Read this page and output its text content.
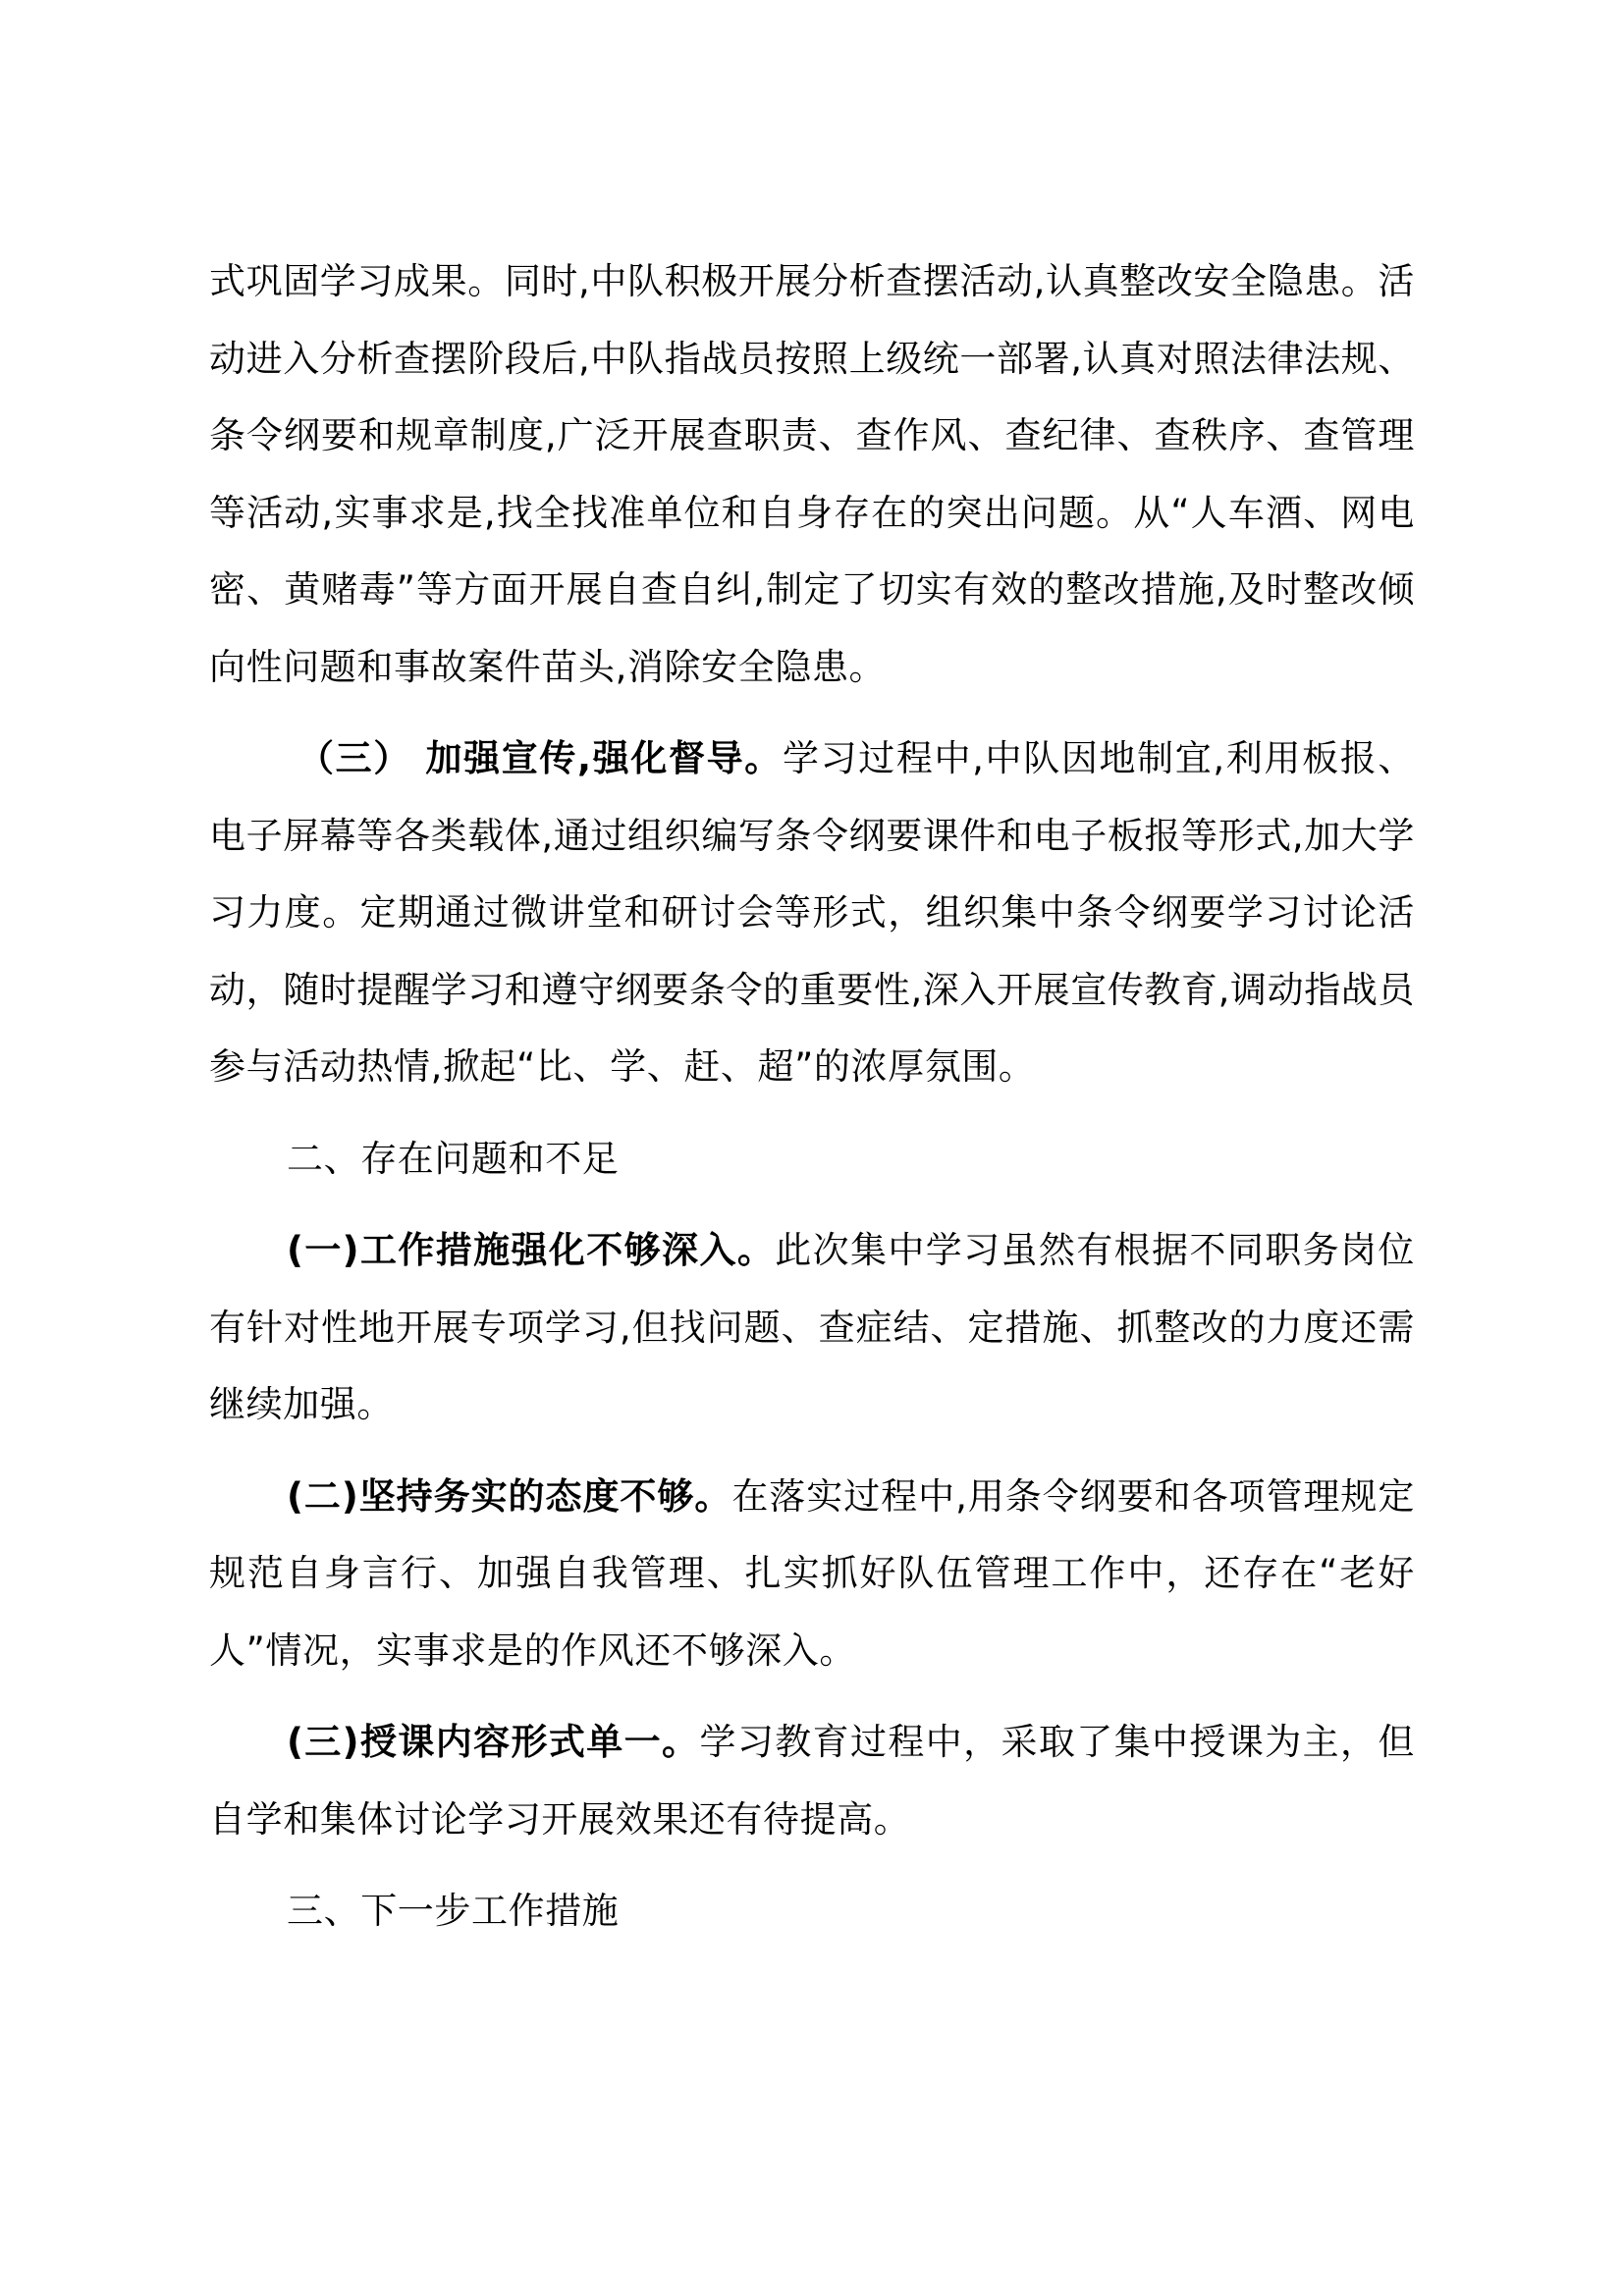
式巩固学习成果。同时,中队积极开展分析查摆活动,认真整改安全隐患。活动进入分析查摆阶段后,中队指战员按照上级统一部署,认真对照法律法规、条令纲要和规章制度,广泛开展查职责、查作风、查纪律、查秩序、查管理等活动,实事求是,找全找准单位和自身存在的突出问题。从“人车酒、网电密、黄赌毒”等方面开展自查自纠,制定了切实有效的整改措施,及时整改倾向性问题和事故案件苗头,消除安全隐患。

（三） 加强宣传,强化督导。学习过程中,中队因地制宜,利用板报、电子屏幕等各类载体,通过组织编写条令纲要课件和电子板报等形式,加大学习力度。定期通过微讲堂和研讨会等形式，组织集中条令纲要学习讨论活动，随时提醒学习和遵守纲要条令的重要性,深入开展宣传教育,调动指战员参与活动热情,掀起“比、学、赶、超”的浓厚氛围。

二、存在问题和不足

(一)工作措施强化不够深入。此次集中学习虽然有根据不同职务岗位有针对性地开展专项学习,但找问题、查症结、定措施、抓整改的力度还需继续加强。

(二)坚持务实的态度不够。在落实过程中,用条令纲要和各项管理规定规范自身言行、加强自我管理、扎实抓好队伍管理工作中，还存在“老好人”情况，实事求是的作风还不够深入。

(三)授课内容形式单一。学习教育过程中，采取了集中授课为主，但自学和集体讨论学习开展效果还有待提高。

三、下一步工作措施
